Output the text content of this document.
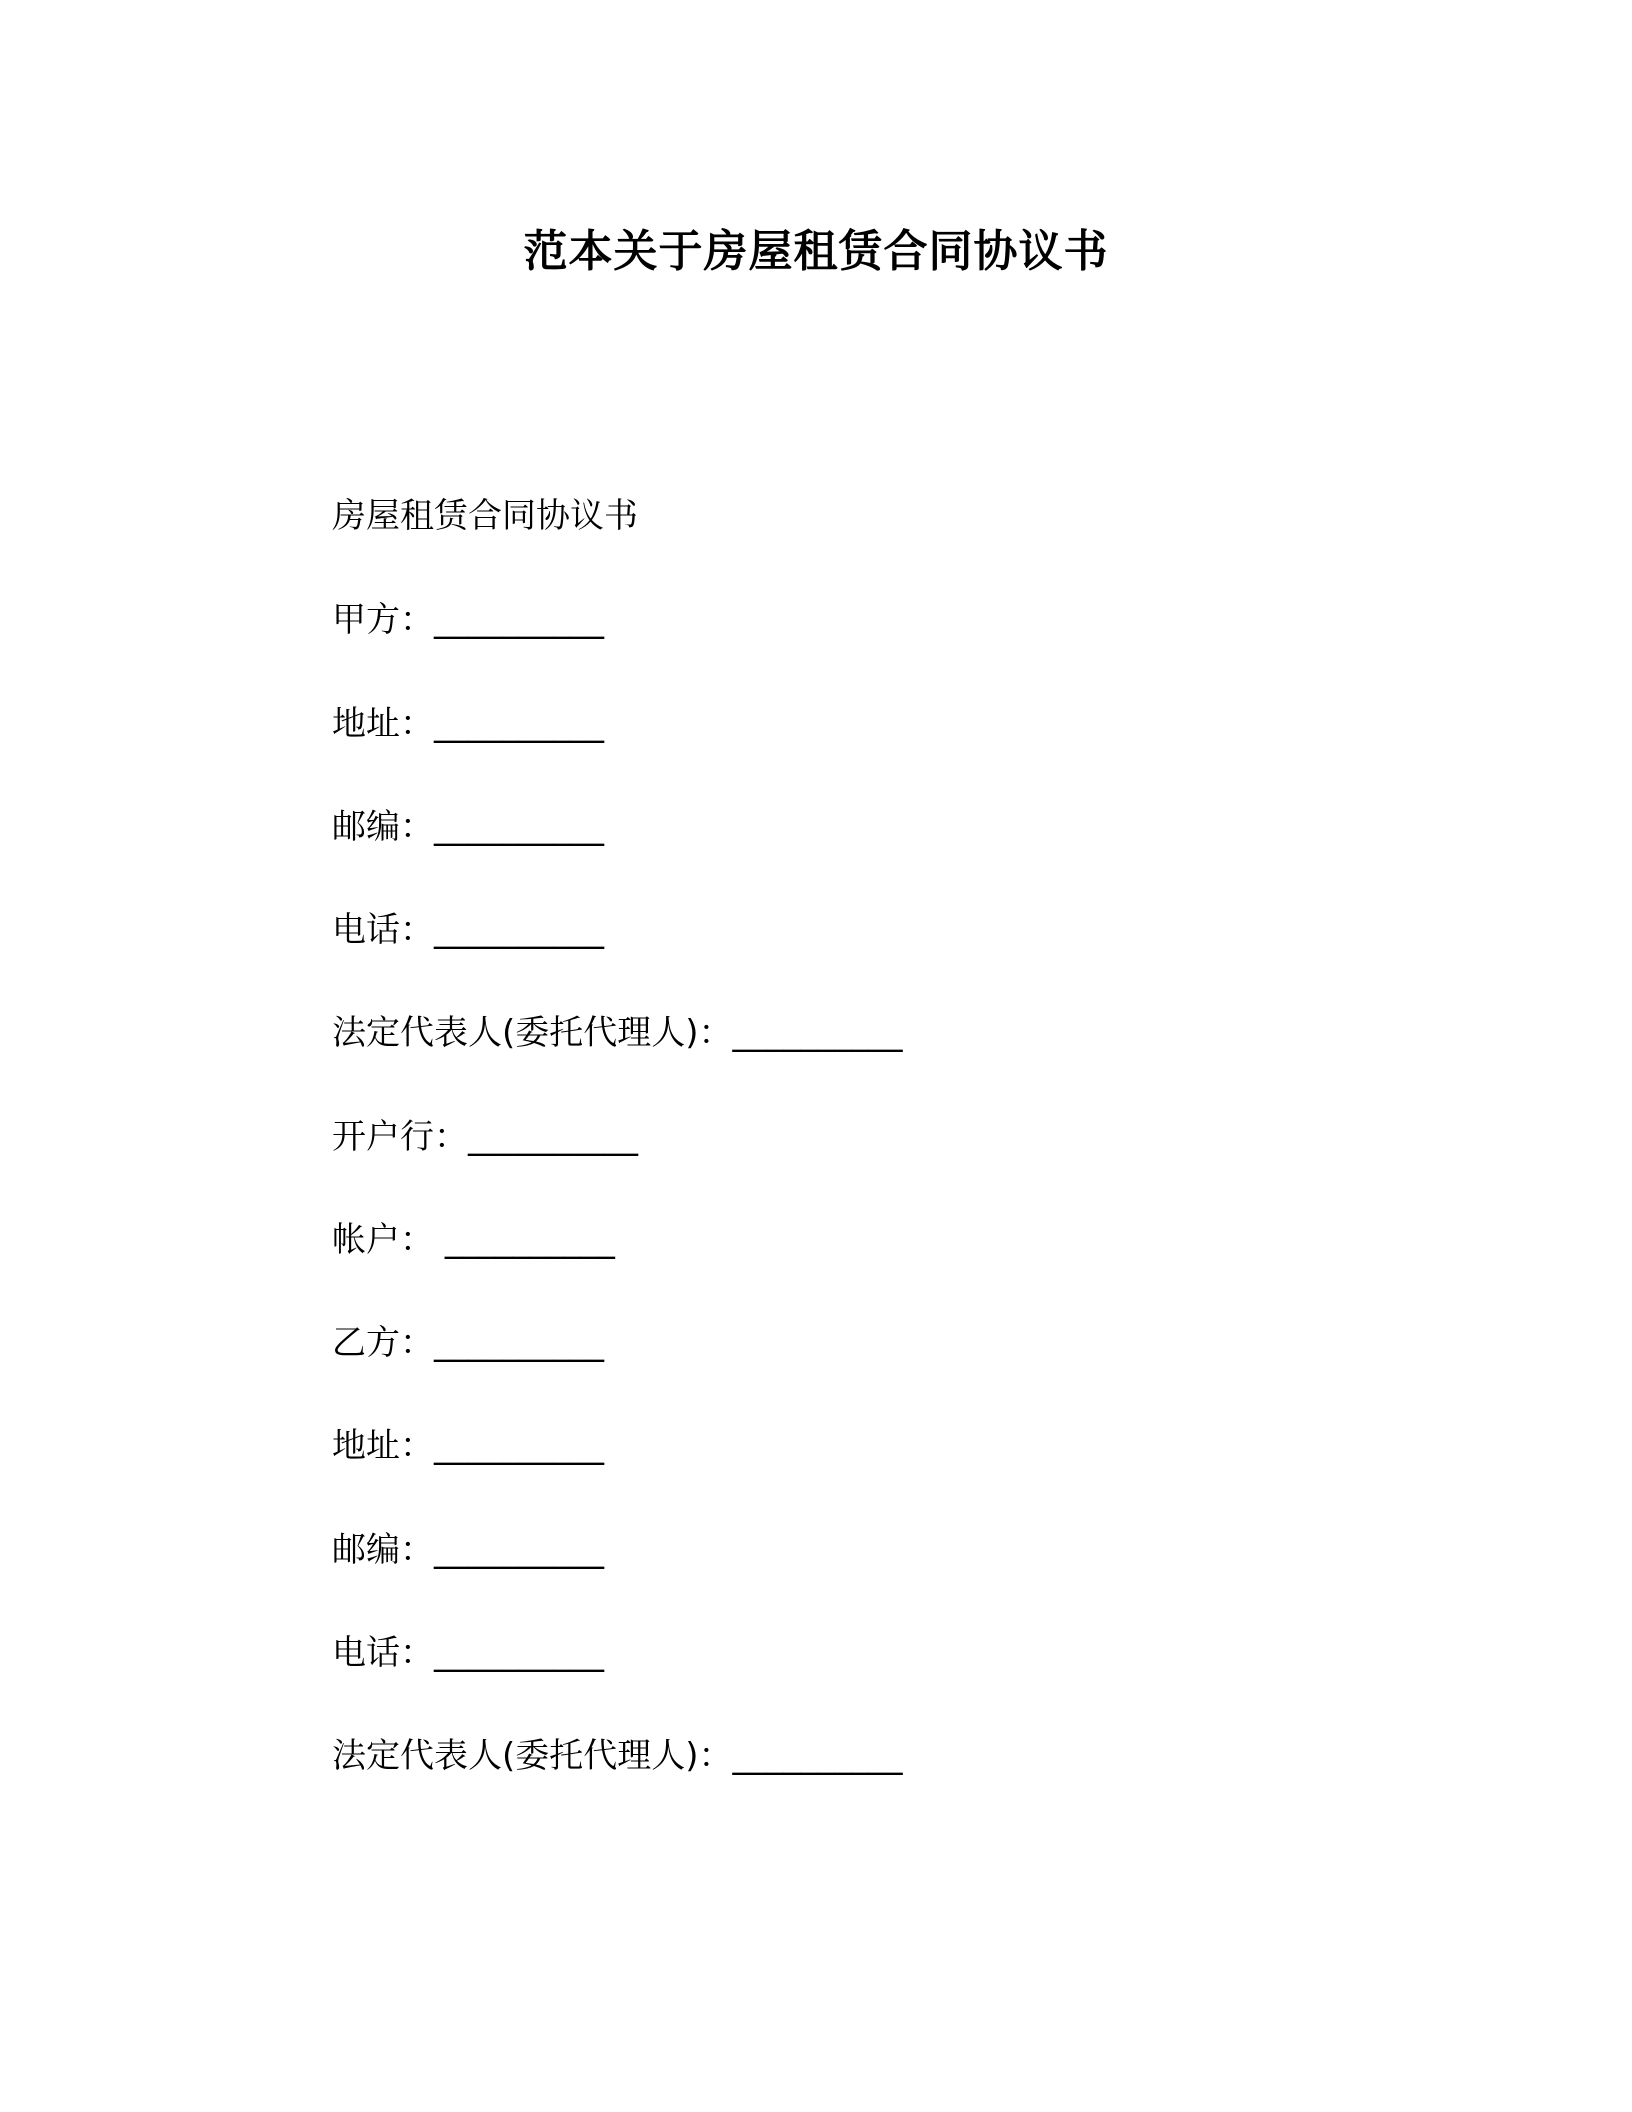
范本关于房屋租赁合同协议书
房屋租赁合同协议书
甲方：__________
地址：__________
邮编：__________
电话：__________
法定代表人(委托代理人)：__________
开户行：__________
帐户： __________
乙方：__________
地址：__________
邮编：__________
电话：__________
法定代表人(委托代理人)：__________
